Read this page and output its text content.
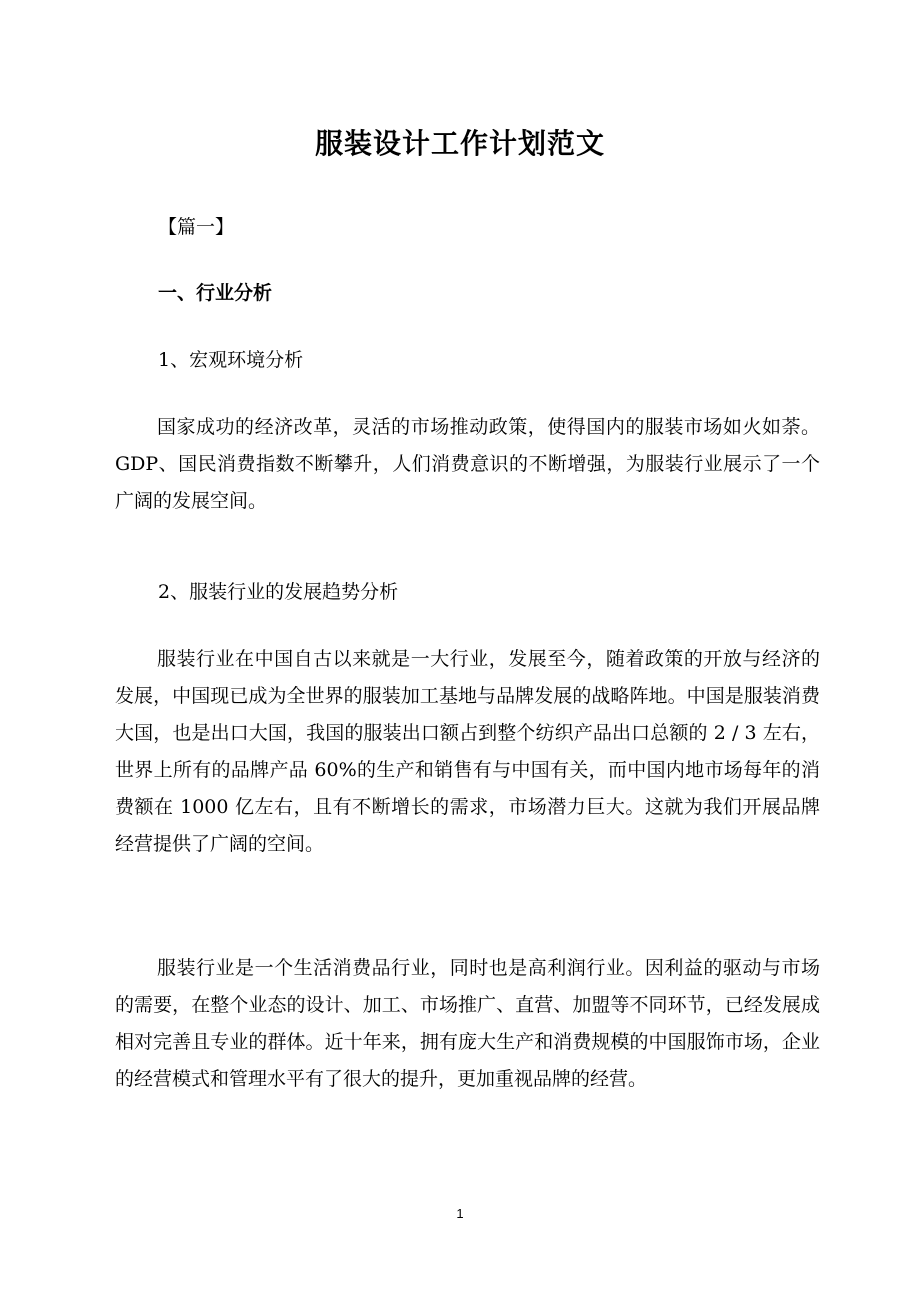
服装设计工作计划范文

【篇一】

一、行业分析

1、宏观环境分析

国家成功的经济改革，灵活的市场推动政策，使得国内的服装市场如火如荼。GDP、国民消费指数不断攀升，人们消费意识的不断增强，为服装行业展示了一个广阔的发展空间。

2、服装行业的发展趋势分析

服装行业在中国自古以来就是一大行业，发展至今，随着政策的开放与经济的发展，中国现已成为全世界的服装加工基地与品牌发展的战略阵地。中国是服装消费大国，也是出口大国，我国的服装出口额占到整个纺织产品出口总额的 2 / 3 左右，世界上所有的品牌产品 60%的生产和销售有与中国有关，而中国内地市场每年的消费额在 1000 亿左右，且有不断增长的需求，市场潜力巨大。这就为我们开展品牌经营提供了广阔的空间。

服装行业是一个生活消费品行业，同时也是高利润行业。因利益的驱动与市场的需要，在整个业态的设计、加工、市场推广、直营、加盟等不同环节，已经发展成相对完善且专业的群体。近十年来，拥有庞大生产和消费规模的中国服饰市场，企业的经营模式和管理水平有了很大的提升，更加重视品牌的经营。

1
